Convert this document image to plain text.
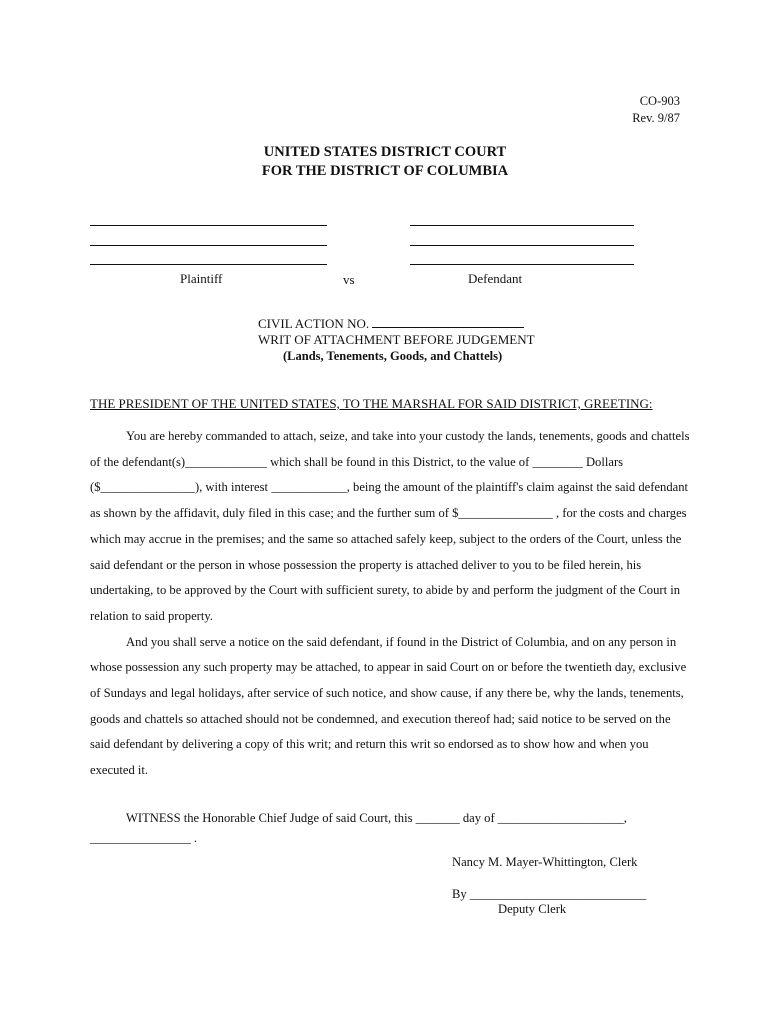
CO-903
Rev. 9/87
UNITED STATES DISTRICT COURT
FOR THE DISTRICT OF COLUMBIA
Plaintiff	vs	Defendant
CIVIL ACTION NO.
WRIT OF ATTACHMENT BEFORE JUDGEMENT
(Lands, Tenements, Goods, and Chattels)
THE PRESIDENT OF THE UNITED STATES, TO THE MARSHAL FOR SAID DISTRICT, GREETING:

You are hereby commanded to attach, seize, and take into your custody the lands, tenements, goods and chattels of the defendant(s)_____________ which shall be found in this District, to the value of ________ Dollars ($_______________), with interest ____________, being the amount of the plaintiff's claim against the said defendant as shown by the affidavit, duly filed in this case; and the further sum of $_______________ , for the costs and charges which may accrue in the premises; and the same so attached safely keep, subject to the orders of the Court, unless the said defendant or the person in whose possession the property is attached deliver to you to be filed herein, his undertaking, to be approved by the Court with sufficient surety, to abide by and perform the judgment of the Court in relation to said property.

And you shall serve a notice on the said defendant, if found in the District of Columbia, and on any person in whose possession any such property may be attached, to appear in said Court on or before the twentieth day, exclusive of Sundays and legal holidays, after service of such notice, and show cause, if any there be, why the lands, tenements, goods and chattels so attached should not be condemned, and execution thereof had; said notice to be served on the said defendant by delivering a copy of this writ; and return this writ so endorsed as to show how and when you executed it.

WITNESS the Honorable Chief Judge of said Court, this _______ day of ____________________,
________________ .
Nancy M. Mayer-Whittington, Clerk
By ____________________________
Deputy Clerk
